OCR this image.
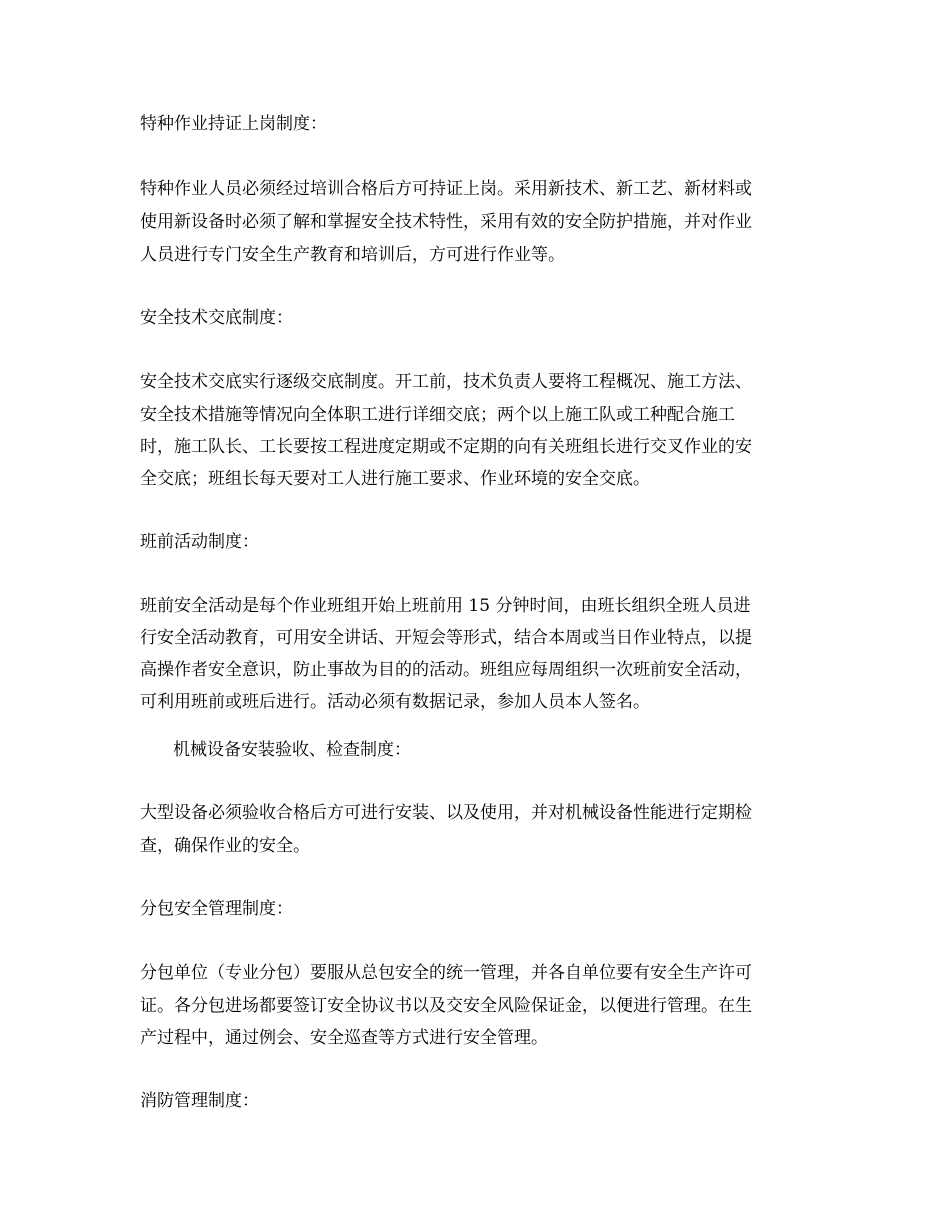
特种作业持证上岗制度：
特种作业人员必须经过培训合格后方可持证上岗。采用新技术、新工艺、新材料或
使用新设备时必须了解和掌握安全技术特性，采用有效的安全防护措施，并对作业
人员进行专门安全生产教育和培训后，方可进行作业等。
安全技术交底制度：
安全技术交底实行逐级交底制度。开工前，技术负责人要将工程概况、施工方法、
安全技术措施等情况向全体职工进行详细交底；两个以上施工队或工种配合施工
时，施工队长、工长要按工程进度定期或不定期的向有关班组长进行交叉作业的安
全交底；班组长每天要对工人进行施工要求、作业环境的安全交底。
班前活动制度：
班前安全活动是每个作业班组开始上班前用 15 分钟时间，由班长组织全班人员进
行安全活动教育，可用安全讲话、开短会等形式，结合本周或当日作业特点，以提
高操作者安全意识，防止事故为目的的活动。班组应每周组织一次班前安全活动，
可利用班前或班后进行。活动必须有数据记录，参加人员本人签名。
机械设备安装验收、检查制度：
大型设备必须验收合格后方可进行安装、以及使用，并对机械设备性能进行定期检
查，确保作业的安全。
分包安全管理制度：
分包单位（专业分包）要服从总包安全的统一管理，并各自单位要有安全生产许可
证。各分包进场都要签订安全协议书以及交安全风险保证金，以便进行管理。在生
产过程中，通过例会、安全巡查等方式进行安全管理。
消防管理制度：
